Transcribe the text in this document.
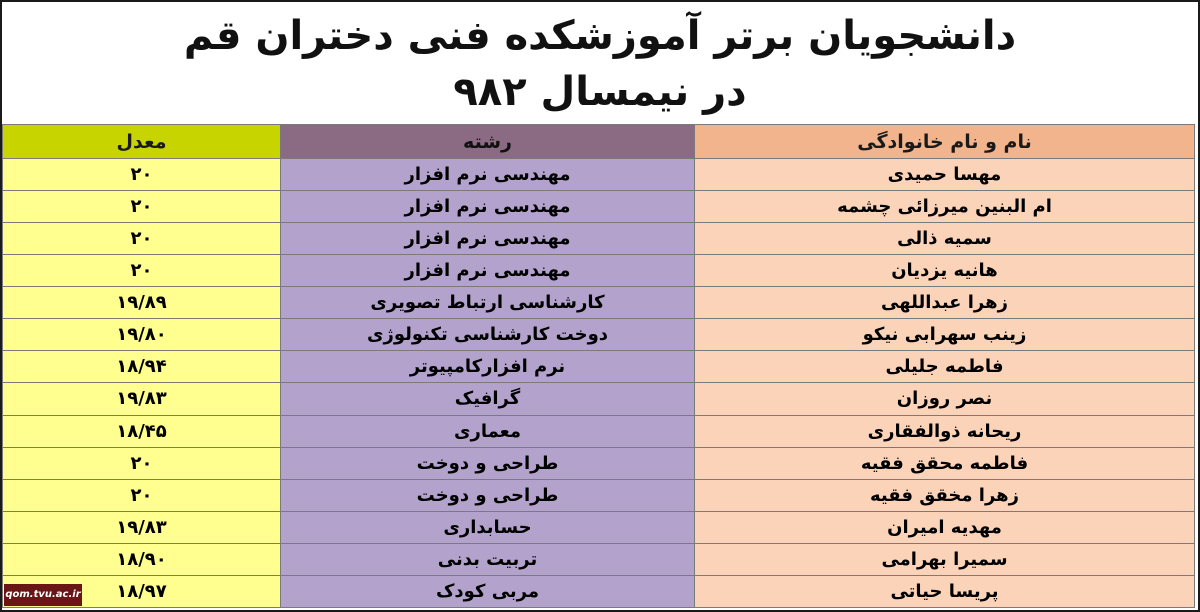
دانشجویان برتر آموزشکده فنی دختران قم
در نیمسال ۹۸۲
معدل	رشته	نام و نام خانوادگی
۲۰	مهندسی نرم افزار	مهسا حمیدی
۲۰	مهندسی نرم افزار	ام البنین میرزائی چشمه
۲۰	مهندسی نرم افزار	سمیه ذالی
۲۰	مهندسی نرم افزار	هانیه یزدیان
۱۹/۸۹	کارشناسی ارتباط تصویری	زهرا عبداللهی
۱۹/۸۰	دوخت کارشناسی تکنولوژی	زینب سهرابی نیکو
۱۸/۹۴	نرم افزارکامپیوتر	فاطمه جلیلی
۱۹/۸۳	گرافیک	نصر روزان
۱۸/۴۵	معماری	ریحانه ذوالفقاری
۲۰	طراحی و دوخت	فاطمه محقق فقیه
۲۰	طراحی و دوخت	زهرا مخقق فقیه
۱۹/۸۳	حسابداری	مهدیه امیران
۱۸/۹۰	تربیت بدنی	سمیرا بهرامی
۱۸/۹۷	مربی کودک	پریسا حیاتی
qom.tvu.ac.ir
